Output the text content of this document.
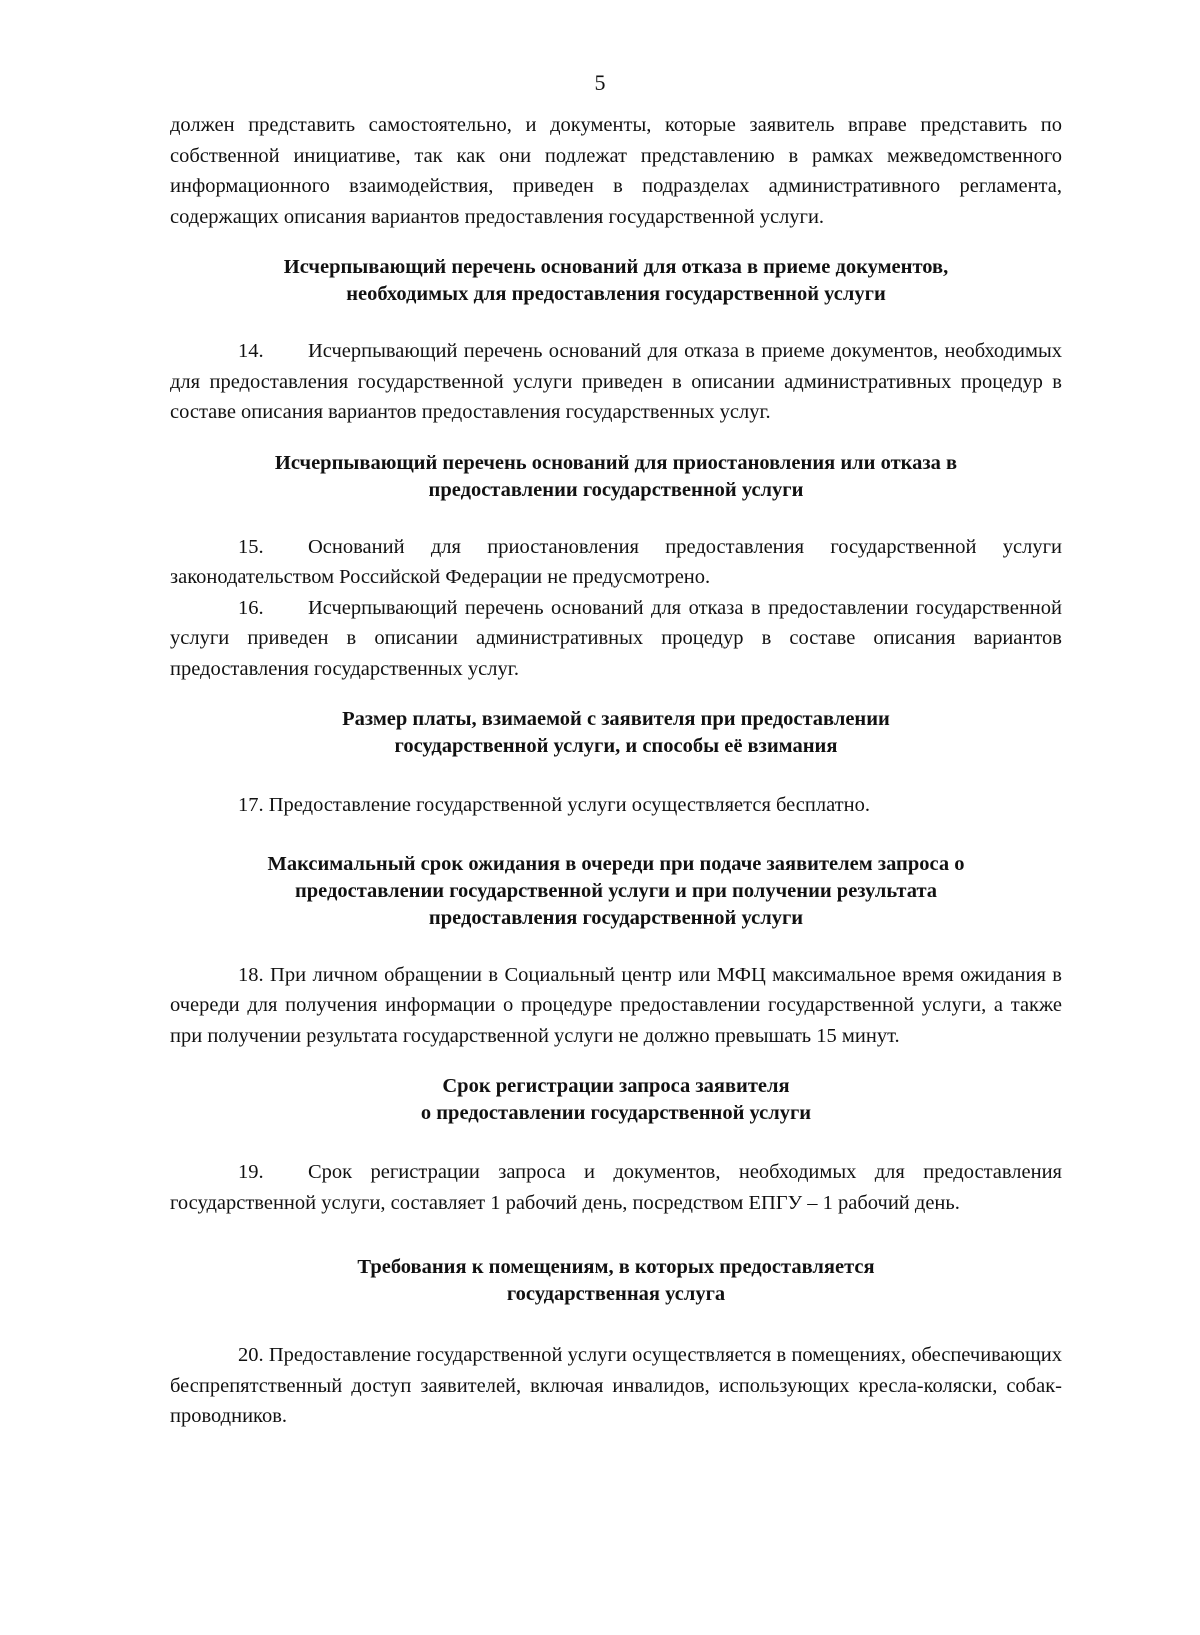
5

должен представить самостоятельно, и документы, которые заявитель вправе представить по собственной инициативе, так как они подлежат представлению в рамках межведомственного информационного взаимодействия, приведен в подразделах административного регламента, содержащих описания вариантов предоставления государственной услуги.

Исчерпывающий перечень оснований для отказа в приеме документов,
необходимых для предоставления государственной услуги

14. Исчерпывающий перечень оснований для отказа в приеме документов, необходимых для предоставления государственной услуги приведен в описании административных процедур в составе описания вариантов предоставления государственных услуг.

Исчерпывающий перечень оснований для приостановления или отказа в
предоставлении государственной услуги

15. Оснований для приостановления предоставления государственной услуги законодательством Российской Федерации не предусмотрено.

16. Исчерпывающий перечень оснований для отказа в предоставлении государственной услуги приведен в описании административных процедур в составе описания вариантов предоставления государственных услуг.

Размер платы, взимаемой с заявителя при предоставлении
государственной услуги, и способы её взимания

17. Предоставление государственной услуги осуществляется бесплатно.

Максимальный срок ожидания в очереди при подаче заявителем запроса о
предоставлении государственной услуги и при получении результата
предоставления государственной услуги

18. При личном обращении в Социальный центр или МФЦ максимальное время ожидания в очереди для получения информации о процедуре предоставлении государственной услуги, а также при получении результата государственной услуги не должно превышать 15 минут.

Срок регистрации запроса заявителя
о предоставлении государственной услуги

19. Срок регистрации запроса и документов, необходимых для предоставления государственной услуги, составляет 1 рабочий день, посредством ЕПГУ – 1 рабочий день.

Требования к помещениям, в которых предоставляется
государственная услуга

20. Предоставление государственной услуги осуществляется в помещениях, обеспечивающих беспрепятственный доступ заявителей, включая инвалидов, использующих кресла-коляски, собак-проводников.
